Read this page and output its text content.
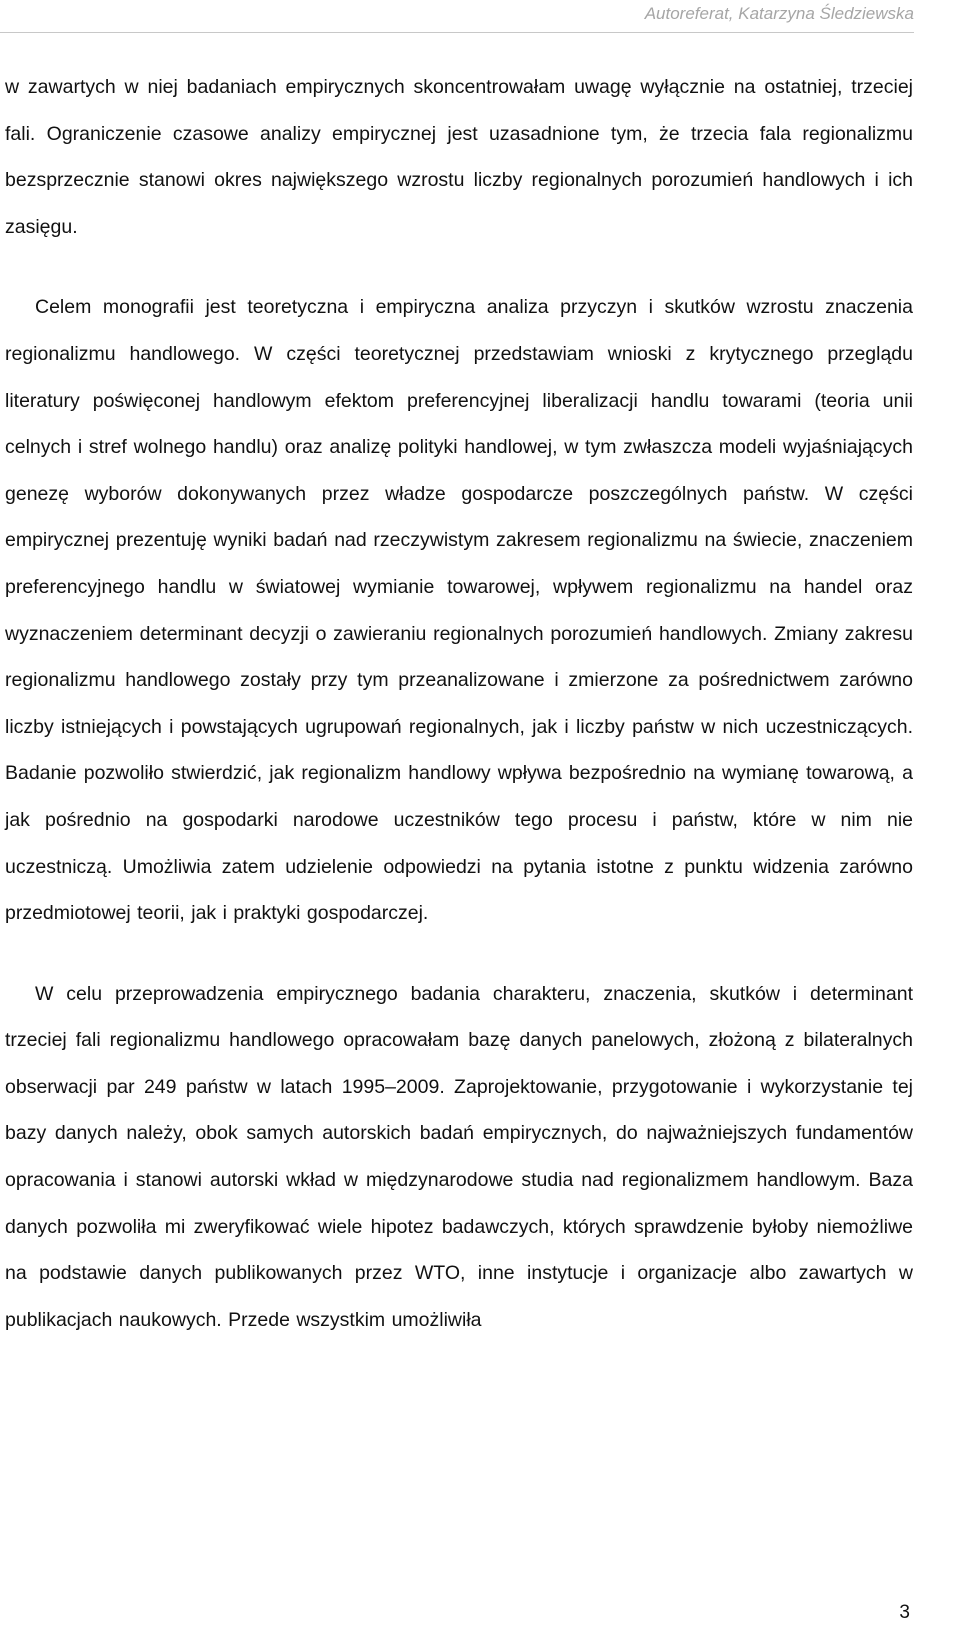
Autoreferat, Katarzyna Śledziewska

w zawartych w niej badaniach empirycznych skoncentrowałam uwagę wyłącznie na ostatniej, trzeciej fali. Ograniczenie czasowe analizy empirycznej jest uzasadnione tym, że trzecia fala regionalizmu bezsprzecznie stanowi okres największego wzrostu liczby regionalnych porozumień handlowych i ich zasięgu.

Celem monografii jest teoretyczna i empiryczna analiza przyczyn i skutków wzrostu znaczenia regionalizmu handlowego. W części teoretycznej przedstawiam wnioski z krytycznego przeglądu literatury poświęconej handlowym efektom preferencyjnej liberalizacji handlu towarami (teoria unii celnych i stref wolnego handlu) oraz analizę polityki handlowej, w tym zwłaszcza modeli wyjaśniających genezę wyborów dokonywanych przez władze gospodarcze poszczególnych państw. W części empirycznej prezentuję wyniki badań nad rzeczywistym zakresem regionalizmu na świecie, znaczeniem preferencyjnego handlu w światowej wymianie towarowej, wpływem regionalizmu na handel oraz wyznaczeniem determinant decyzji o zawieraniu regionalnych porozumień handlowych. Zmiany zakresu regionalizmu handlowego zostały przy tym przeanalizowane i zmierzone za pośrednictwem zarówno liczby istniejących i powstających ugrupowań regionalnych, jak i liczby państw w nich uczestniczących. Badanie pozwoliło stwierdzić, jak regionalizm handlowy wpływa bezpośrednio na wymianę towarową, a jak pośrednio na gospodarki narodowe uczestników tego procesu i państw, które w nim nie uczestniczą. Umożliwia zatem udzielenie odpowiedzi na pytania istotne z punktu widzenia zarówno przedmiotowej teorii, jak i praktyki gospodarczej.

W celu przeprowadzenia empirycznego badania charakteru, znaczenia, skutków i determinant trzeciej fali regionalizmu handlowego opracowałam bazę danych panelowych, złożoną z bilateralnych obserwacji par 249 państw w latach 1995–2009. Zaprojektowanie, przygotowanie i wykorzystanie tej bazy danych należy, obok samych autorskich badań empirycznych, do najważniejszych fundamentów opracowania i stanowi autorski wkład w międzynarodowe studia nad regionalizmem handlowym. Baza danych pozwoliła mi zweryfikować wiele hipotez badawczych, których sprawdzenie byłoby niemożliwe na podstawie danych publikowanych przez WTO, inne instytucje i organizacje albo zawartych w publikacjach naukowych. Przede wszystkim umożliwiła

3
